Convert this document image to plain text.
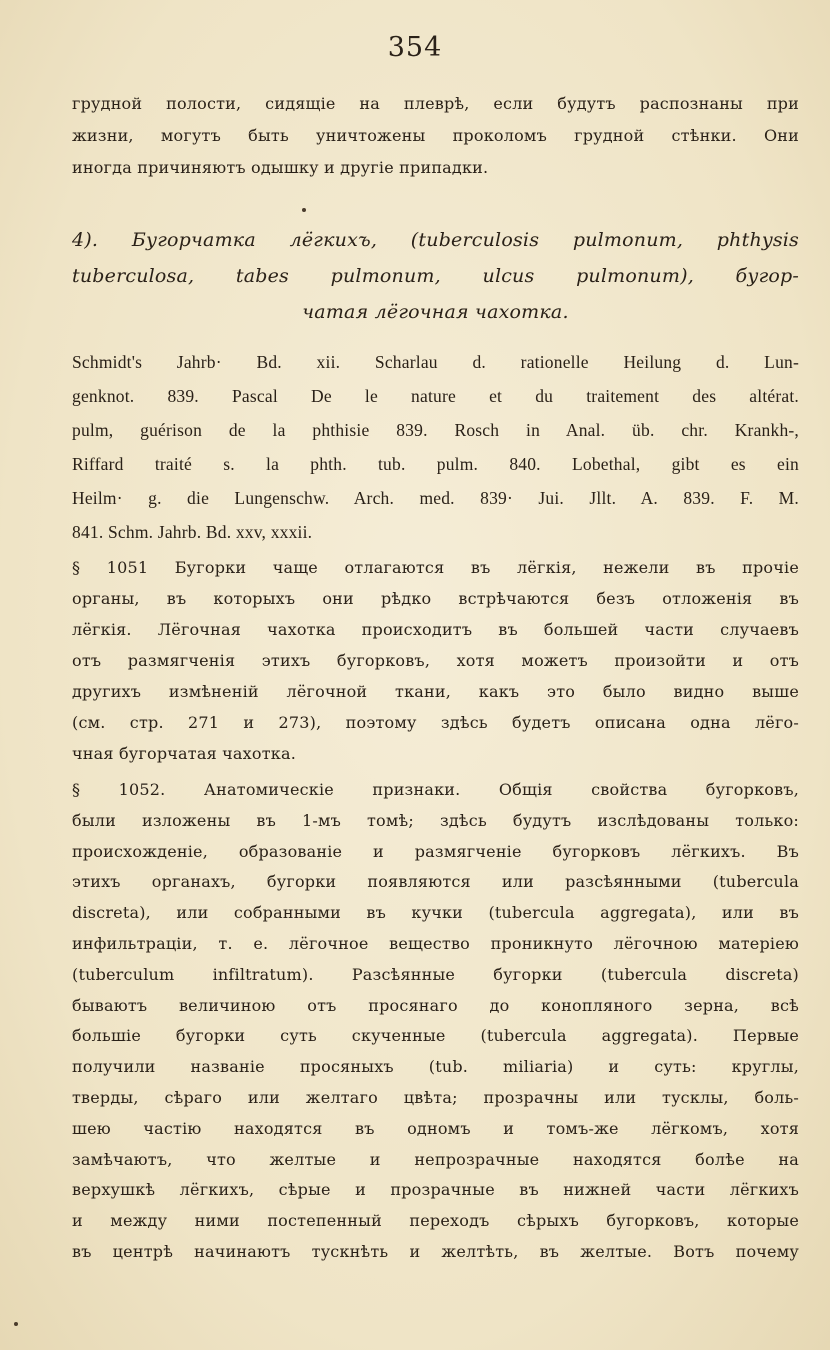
354
грудной полости, сидящіе на плеврѣ, если будутъ распознаны при
жизни, могутъ быть уничтожены проколомъ грудной стѣнки. Они
иногда причиняютъ одышку и другіе припадки.
4). Бугорчатка лёгкихъ, (tuberculosis pulmonum, phthysis
tuberculosa, tabes pulmonum, ulcus pulmonum), бугор-
чатая лёгочная чахотка.
Schmidt's Jahrb· Bd. xii. Scharlau d. rationelle Heilung d. Lun-
genknot. 839. Pascal De le nature et du traitement des altérat.
pulm, guérison de la phthisie 839. Rosch in Anal. üb. chr. Krankh-,
Riffard traité s. la phth. tub. pulm. 840. Lobethal, gibt es ein
Heilm· g. die Lungenschw. Arch. med. 839· Jui. Jllt. A. 839. F. M.
841. Schm. Jahrb. Bd. xxv, xxxii.
§ 1051 Бугорки чаще отлагаются въ лёгкія, нежели въ прочіе
органы, въ которыхъ они рѣдко встрѣчаются безъ отложенія въ
лёгкія. Лёгочная чахотка происходитъ въ большей части случаевъ
отъ размягченія этихъ бугорковъ, хотя можетъ произойти и отъ
другихъ измѣненій лёгочной ткани, какъ это было видно выше
(см. стр. 271 и 273), поэтому здѣсь будетъ описана одна лёго-
чная бугорчатая чахотка.
§ 1052. Анатомическіе признаки. Общія свойства бугорковъ,
были изложены въ 1-мъ томѣ; здѣсь будутъ изслѣдованы только:
происхожденіе, образованіе и размягченіе бугорковъ лёгкихъ. Въ
этихъ органахъ, бугорки появляются или разсѣянными (tubercula
discreta), или собранными въ кучки (tubercula aggregata), или въ
инфильтраціи, т. е. лёгочное вещество проникнуто лёгочною матеріею
(tuberculum infiltratum). Разсѣянные бугорки (tubercula discreta)
бываютъ величиною отъ просянаго до конопляного зерна, всѣ
большіе бугорки суть скученные (tubercula aggregata). Первые
получили названіе просяныхъ (tub. miliaria) и суть: круглы,
тверды, сѣраго или желтаго цвѣта; прозрачны или тусклы, боль-
шею частію находятся въ одномъ и томъ-же лёгкомъ, хотя
замѣчаютъ, что желтые и непрозрачные находятся болѣе на
верхушкѣ лёгкихъ, сѣрые и прозрачные въ нижней части лёгкихъ
и между ними постепенный переходъ сѣрыхъ бугорковъ, которые
въ центрѣ начинаютъ тускнѣть и желтѣть, въ желтые. Вотъ почему
